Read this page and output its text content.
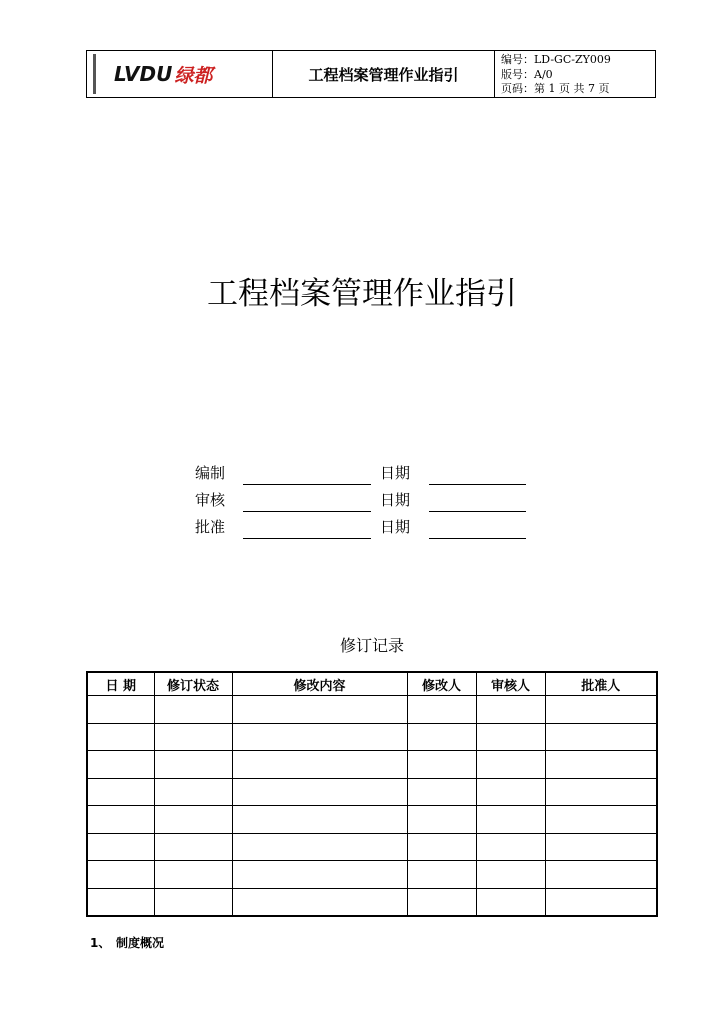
LVDU 绿都	工程档案管理作业指引
编号：LD-GC-ZY009
版号：A/0
页码：第 1 页 共 7 页
工程档案管理作业指引
编制	日期
审核	日期
批准	日期
修订记录
日 期	修订状态	修改内容	修改人	审核人	批准人

1、 制度概况
